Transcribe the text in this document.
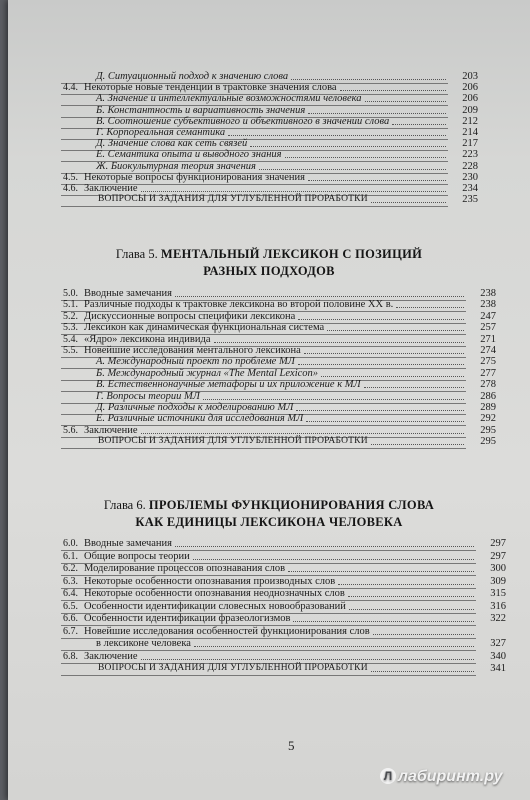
Д. Ситуационный подход к значению слова	203
4.4. Некоторые новые тенденции в трактовке значения слова	206
А. Значение и интеллектуальные возможностями человека	206
Б. Константность и вариативность значения	209
В. Соотношение субъективного и объективного в значении слова	212
Г. Корпореальная семантика	214
Д. Значение слова как сеть связей	217
Е. Семантика опыта и выводного знания	223
Ж. Биокультурная теория значения	228
4.5. Некоторые вопросы функционирования значения	230
4.6. Заключение	234
ВОПРОСЫ И ЗАДАНИЯ ДЛЯ УГЛУБЛЕННОЙ ПРОРАБОТКИ	235
Глава 5. МЕНТАЛЬНЫЙ ЛЕКСИКОН С ПОЗИЦИЙ
РАЗНЫХ ПОДХОДОВ
5.0. Вводные замечания	238
5.1. Различные подходы к трактовке лексикона во второй половине XX в.	238
5.2. Дискуссионные вопросы специфики лексикона	247
5.3. Лексикон как динамическая функциональная система	257
5.4. «Ядро» лексикона индивида	271
5.5. Новейшие исследования ментального лексикона	274
А. Международный проект по проблеме МЛ	275
Б. Международный журнал «The Mental Lexicon»	277
В. Естественнонаучные метафоры и их приложение к МЛ	278
Г. Вопросы теории МЛ	286
Д. Различные подходы к моделированию МЛ	289
Е. Различные источники для исследования МЛ	292
5.6. Заключение	295
ВОПРОСЫ И ЗАДАНИЯ ДЛЯ УГЛУБЛЕННОЙ ПРОРАБОТКИ	295
Глава 6. ПРОБЛЕМЫ ФУНКЦИОНИРОВАНИЯ СЛОВА
КАК ЕДИНИЦЫ ЛЕКСИКОНА ЧЕЛОВЕКА
6.0. Вводные замечания	297
6.1. Общие вопросы теории	297
6.2. Моделирование процессов опознавания слов	300
6.3. Некоторые особенности опознавания производных слов	309
6.4. Некоторые особенности опознавания неоднозначных слов	315
6.5. Особенности идентификации словесных новообразований	316
6.6. Особенности идентификации фразеологизмов	322
6.7. Новейшие исследования особенностей функционирования слов
в лексиконе человека	327
6.8. Заключение	340
ВОПРОСЫ И ЗАДАНИЯ ДЛЯ УГЛУБЛЕННОЙ ПРОРАБОТКИ	341
5
Л лабиринт.ру
